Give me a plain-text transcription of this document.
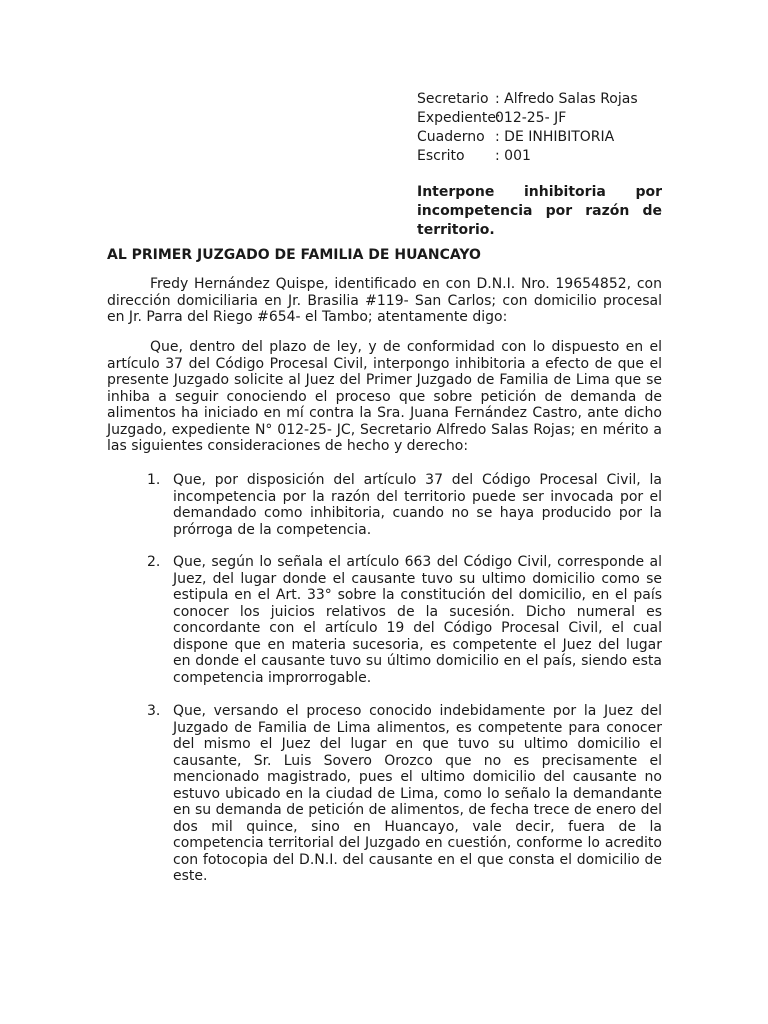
Secretario : Alfredo Salas Rojas
Expediente:
012-25- JF
Cuaderno : DE INHIBITORIA
Escrito	: 001
Interpone inhibitoria por
incompetencia por razón de
territorio.
AL PRIMER JUZGADO DE FAMILIA DE HUANCAYO
Fredy Hernández Quispe, identificado en con D.N.I. Nro. 19654852, con dirección domiciliaria en Jr. Brasilia #119- San Carlos; con domicilio procesal en Jr. Parra del Riego #654- el Tambo; atentamente digo:
Que, dentro del plazo de ley, y de conformidad con lo dispuesto en el artículo 37 del Código Procesal Civil, interpongo inhibitoria a efecto de que el presente Juzgado solicite al Juez del Primer Juzgado de Familia de Lima que se inhiba a seguir conociendo el proceso que sobre petición de demanda de alimentos ha iniciado en mí contra la Sra. Juana Fernández Castro, ante dicho Juzgado, expediente N° 012-25- JC, Secretario Alfredo Salas Rojas; en mérito a las siguientes consideraciones de hecho y derecho:
1. Que, por disposición del artículo 37 del Código Procesal Civil, la incompetencia por la razón del territorio puede ser invocada por el demandado como inhibitoria, cuando no se haya producido por la prórroga de la competencia.
2. Que, según lo señala el artículo 663 del Código Civil, corresponde al Juez, del lugar donde el causante tuvo su ultimo domicilio como se estipula en el Art. 33° sobre la constitución del domicilio, en el país conocer los juicios relativos de la sucesión. Dicho numeral es concordante con el artículo 19 del Código Procesal Civil, el cual dispone que en materia sucesoria, es competente el Juez del lugar en donde el causante tuvo su último domicilio en el país, siendo esta competencia improrrogable.
3. Que, versando el proceso conocido indebidamente por la Juez del Juzgado de Familia de Lima alimentos, es competente para conocer del mismo el Juez del lugar en que tuvo su ultimo domicilio el causante, Sr. Luis Sovero Orozco que no es precisamente el mencionado magistrado, pues el ultimo domicilio del causante no estuvo ubicado en la ciudad de Lima, como lo señalo la demandante en su demanda de petición de alimentos, de fecha trece de enero del dos mil quince, sino en Huancayo, vale decir, fuera de la competencia territorial del Juzgado en cuestión, conforme lo acredito con fotocopia del D.N.I. del causante en el que consta el domicilio de este.
